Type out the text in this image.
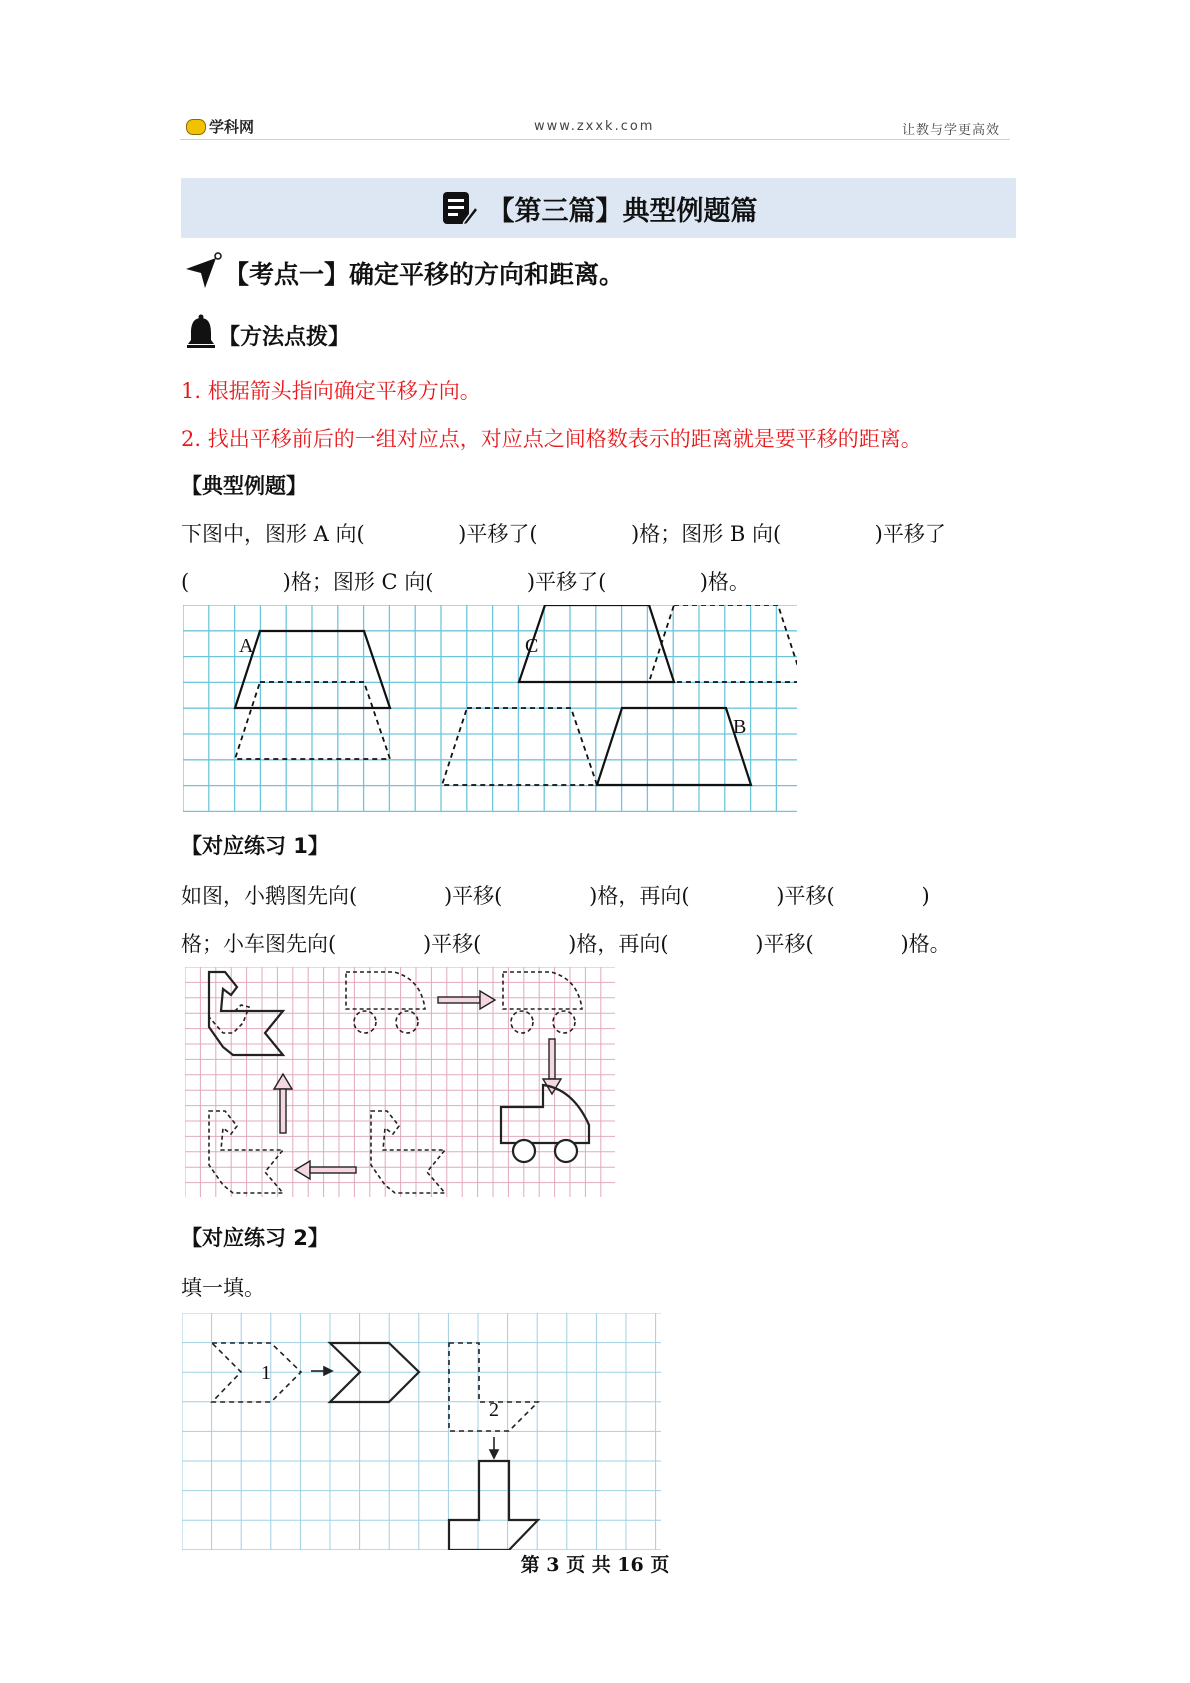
学科网	www.zxxk.com	让教与学更高效
【第三篇】典型例题篇
【考点一】确定平移的方向和距离。
【方法点拨】
1. 根据箭头指向确定平移方向。
2. 找出平移前后的一组对应点，对应点之间格数表示的距离就是要平移的距离。
【典型例题】
下图中，图形 A 向(              )平移了(              )格；图形 B 向(              )平移了
(              )格；图形 C 向(              )平移了(              )格。
A	C
B
【对应练习 1】
如图，小鹅图先向(             )平移(             )格，再向(             )平移(             )
格；小车图先向(             )平移(             )格，再向(             )平移(             )格。
【对应练习 2】
填一填。
1
2
第 3 页 共 16 页
